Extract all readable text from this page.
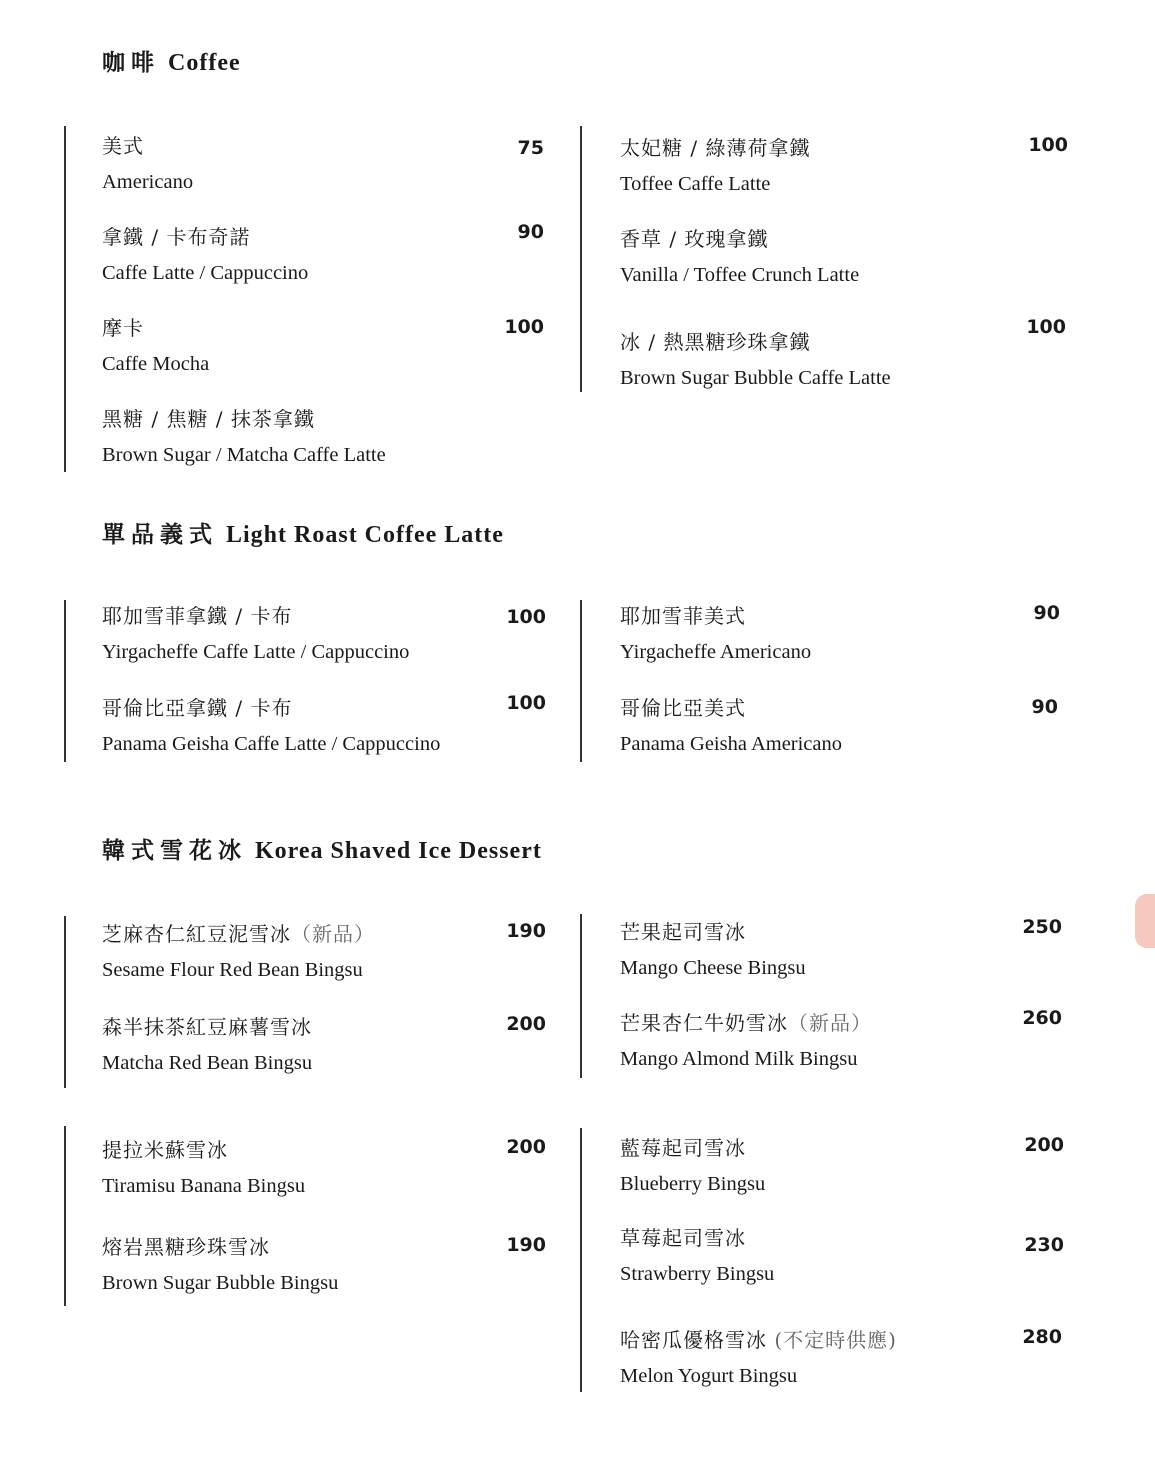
咖啡 Coffee
美式
Americano
75
拿鐵 / 卡布奇諾
Caffe Latte / Cappuccino
90
摩卡
Caffe Mocha
100
黑糖 / 焦糖 / 抹茶拿鐵
Brown Sugar / Matcha Caffe Latte
太妃糖 / 綠薄荷拿鐵
Toffee Caffe Latte
100
香草 / 玫瑰拿鐵
Vanilla / Toffee Crunch Latte
冰 / 熱黑糖珍珠拿鐵
Brown Sugar Bubble Caffe Latte
100
單品義式 Light Roast Coffee Latte
耶加雪菲拿鐵 / 卡布
Yirgacheffe Caffe Latte / Cappuccino
100
哥倫比亞拿鐵 / 卡布
Panama Geisha Caffe Latte / Cappuccino
100
耶加雪菲美式
Yirgacheffe Americano
90
哥倫比亞美式
Panama Geisha Americano
90
韓式雪花冰 Korea Shaved Ice Dessert
芝麻杏仁紅豆泥雪冰（新品）
Sesame Flour Red Bean Bingsu
190
森半抹茶紅豆麻薯雪冰
Matcha Red Bean Bingsu
200
芒果起司雪冰
Mango Cheese Bingsu
250
芒果杏仁牛奶雪冰（新品）
Mango Almond Milk Bingsu
260
提拉米蘇雪冰
Tiramisu Banana Bingsu
200
熔岩黑糖珍珠雪冰
Brown Sugar Bubble Bingsu
190
藍莓起司雪冰
Blueberry Bingsu
200
草莓起司雪冰
Strawberry Bingsu
230
哈密瓜優格雪冰 (不定時供應)
Melon Yogurt Bingsu
280
